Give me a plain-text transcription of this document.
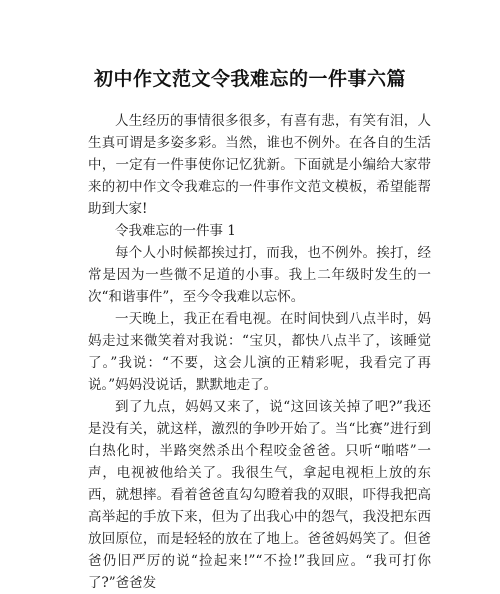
初中作文范文令我难忘的一件事六篇

人生经历的事情很多很多，有喜有悲，有笑有泪，人生真可谓是多姿多彩。当然，谁也不例外。在各自的生活中，一定有一件事使你记忆犹新。下面就是小编给大家带来的初中作文令我难忘的一件事作文范文模板，希望能帮助到大家!

令我难忘的一件事 1

每个人小时候都挨过打，而我，也不例外。挨打，经常是因为一些微不足道的小事。我上二年级时发生的一次“和谐事件”，至今令我难以忘怀。

一天晚上，我正在看电视。在时间快到八点半时，妈妈走过来微笑着对我说：“宝贝，都快八点半了，该睡觉了。”我说：“不要，这会儿演的正精彩呢，我看完了再说。”妈妈没说话，默默地走了。

到了九点，妈妈又来了，说“这回该关掉了吧?”我还是没有关，就这样，激烈的争吵开始了。当“比赛”进行到白热化时，半路突然杀出个程咬金爸爸。只听“啪嗒”一声，电视被他给关了。我很生气，拿起电视柜上放的东西，就想摔。看着爸爸直勾勾瞪着我的双眼，吓得我把高高举起的手放下来，但为了出我心中的怨气，我没把东西放回原位，而是轻轻的放在了地上。爸爸妈妈笑了。但爸爸仍旧严厉的说“捡起来!”“不捡!”我回应。“我可打你了?”爸爸发
